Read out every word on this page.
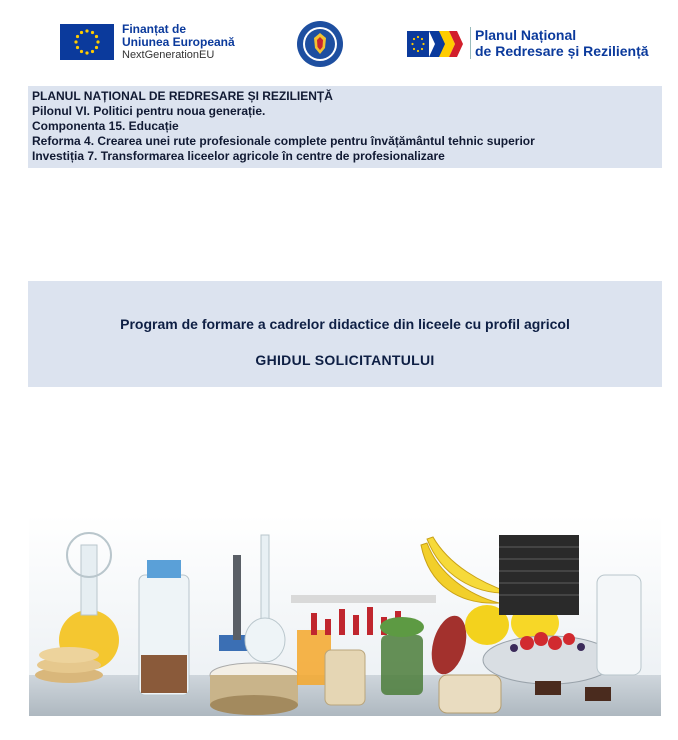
Finanțat de
Uniunea Europeană
NextGenerationEU
Planul Național
de Redresare și Reziliență
PLANUL NAȚIONAL DE REDRESARE ȘI REZILIENȚĂ
Pilonul VI. Politici pentru noua generație.
Componenta 15. Educație
Reforma 4. Crearea unei rute profesionale complete pentru învățământul tehnic superior
Investiția 7. Transformarea liceelor agricole în centre de profesionalizare
Program de formare a cadrelor didactice din liceele cu profil agricol
GHIDUL SOLICITANTULUI
